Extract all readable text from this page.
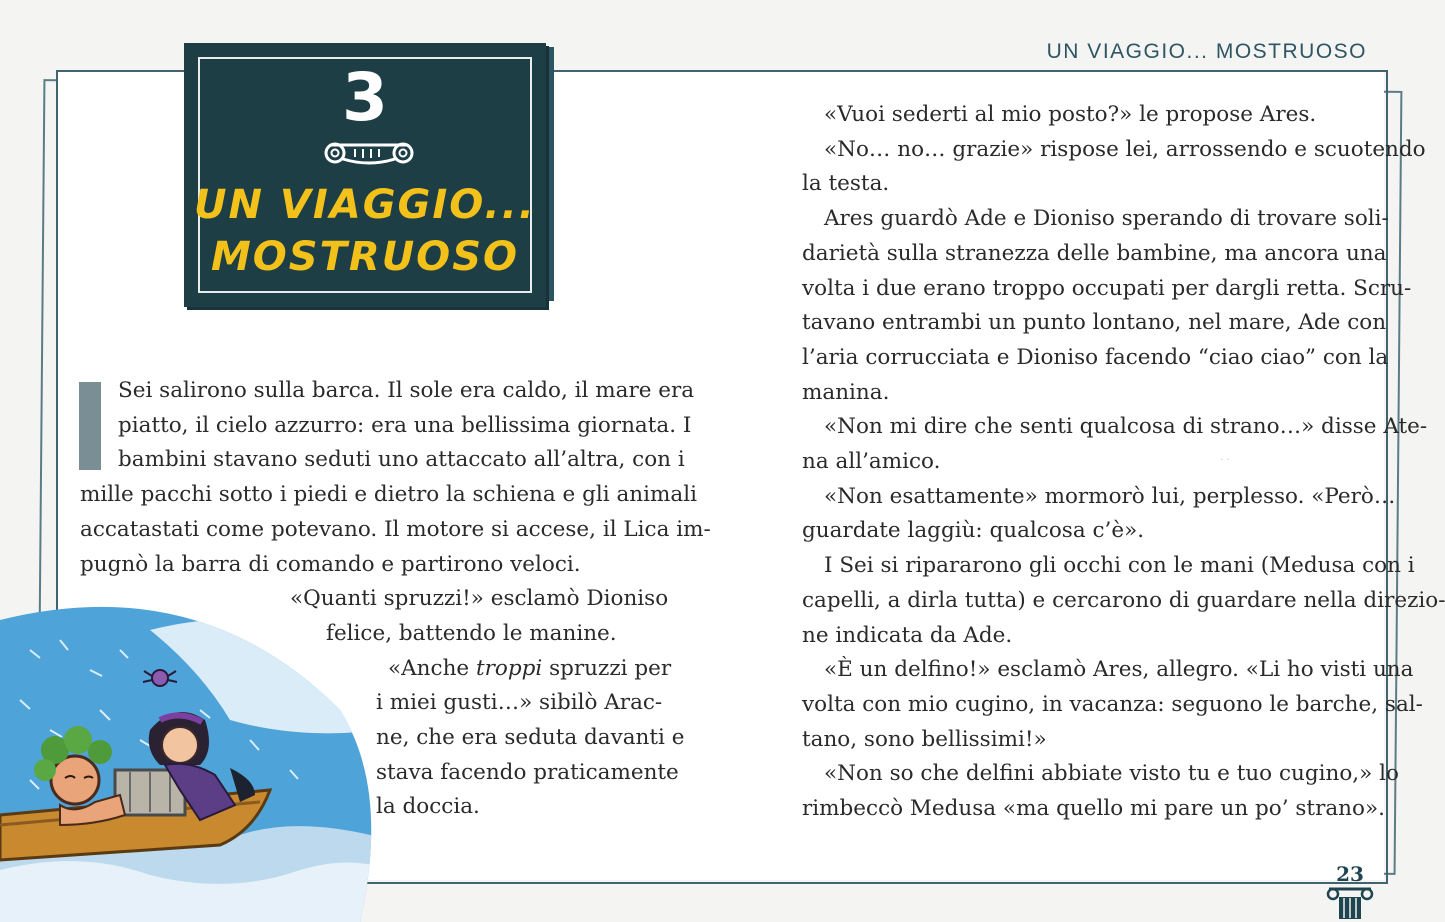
UN VIAGGIO... MOSTRUOSO
3
UN VIAGGIO...
MOSTRUOSO
Sei salirono sulla barca. Il sole era caldo, il mare era
piatto, il cielo azzurro: era una bellissima giornata. I
bambini stavano seduti uno attaccato all’altra, con i
mille pacchi sotto i piedi e dietro la schiena e gli animali
accatastati come potevano. Il motore si accese, il Lica im-
pugnò la barra di comando e partirono veloci.
«Quanti spruzzi!» esclamò Dioniso
felice, battendo le manine.
«Anche troppi spruzzi per
i miei gusti…» sibilò Arac-
ne, che era seduta davanti e
stava facendo praticamente
la doccia.
«Vuoi sederti al mio posto?» le propose Ares.
«No… no… grazie» rispose lei, arrossendo e scuotendo
la testa.
Ares guardò Ade e Dioniso sperando di trovare soli-
darietà sulla stranezza delle bambine, ma ancora una
volta i due erano troppo occupati per dargli retta. Scru-
tavano entrambi un punto lontano, nel mare, Ade con
l’aria corrucciata e Dioniso facendo “ciao ciao” con la
manina.
«Non mi dire che senti qualcosa di strano…» disse Ate-
na all’amico.
«Non esattamente» mormorò lui, perplesso. «Però…
guardate laggiù: qualcosa c’è».
I Sei si ripararono gli occhi con le mani (Medusa con i
capelli, a dirla tutta) e cercarono di guardare nella direzio-
ne indicata da Ade.
«È un delfino!» esclamò Ares, allegro. «Li ho visti una
volta con mio cugino, in vacanza: seguono le barche, sal-
tano, sono bellissimi!»
«Non so che delfini abbiate visto tu e tuo cugino,» lo
rimbeccò Medusa «ma quello mi pare un po’ strano».
· ·
23
